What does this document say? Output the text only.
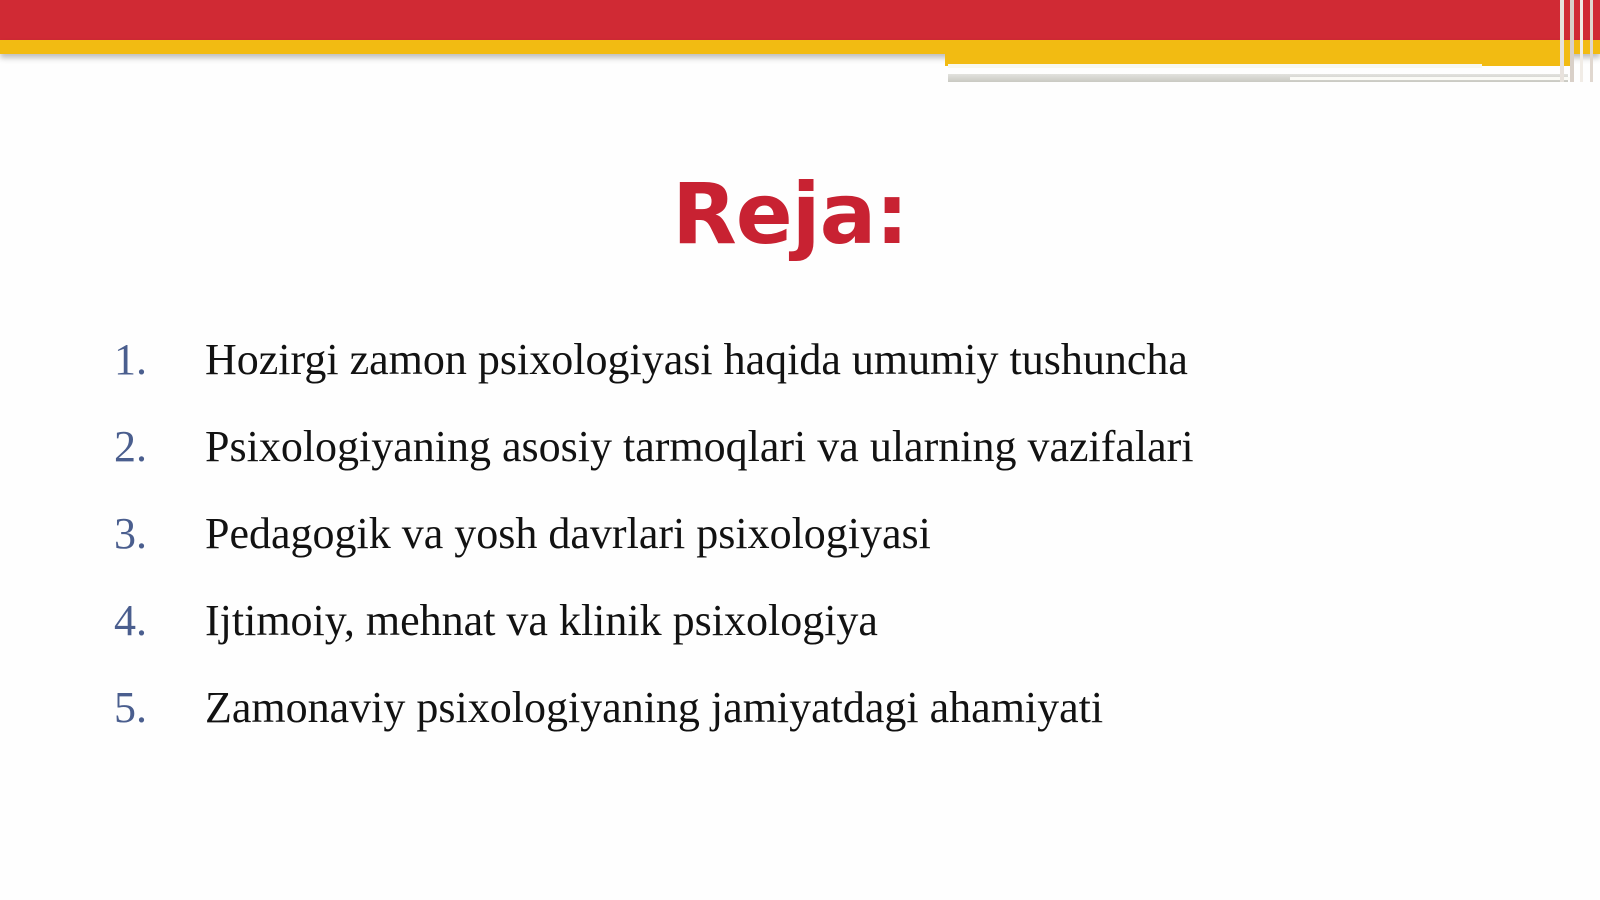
Reja:
1. Hozirgi zamon psixologiyasi haqida umumiy tushuncha
2. Psixologiyaning asosiy tarmoqlari va ularning vazifalari
3. Pedagogik va yosh davrlari psixologiyasi
4. Ijtimoiy, mehnat va klinik psixologiya
5. Zamonaviy psixologiyaning jamiyatdagi ahamiyati
